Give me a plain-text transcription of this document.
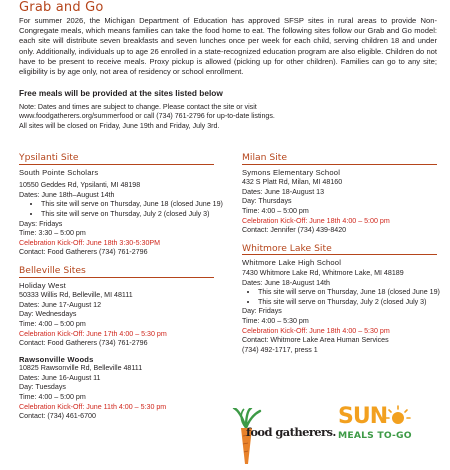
Grab and Go
For summer 2026, the Michigan Department of Education has approved SFSP sites in rural areas to provide Non-Congregate meals, which means families can take the food home to eat. The following sites follow our Grab and Go model: each site will distribute seven breakfasts and seven lunches once per week for each child, serving children 18 and under only. Additionally, individuals up to age 26 enrolled in a state-recognized education program are also eligible. Children do not have to be present to receive meals. Proxy pickup is allowed (picking up for other children). Families can go to any site; eligibility is by age only, not area of residency or school enrollment.
Free meals will be provided at the sites listed below
Note: Dates and times are subject to change. Please contact the site or visit
www.foodgatherers.org/summerfood or call (734) 761-2796 for up-to-date listings.
All sites will be closed on Friday, June 19th and Friday, July 3rd.
Ypsilanti Site
South Pointe Scholars
10550 Geddes Rd, Ypsilanti, MI 48198
Dates: June 18th–August 14th
• This site will serve on Thursday, June 18 (closed June 19)
• This site will serve on Thursday, July 2 (closed July 3)
Days: Fridays
Time: 3:30 – 5:00 pm
Celebration Kick-Off: June 18th 3:30-5:30PM
Contact: Food Gatherers (734) 761-2796
Belleville Sites
Holiday West
50333 Willis Rd, Belleville, MI 48111
Dates: June 17-August 12
Day: Wednesdays
Time: 4:00 – 5:00 pm
Celebration Kick-Off: June 17th 4:00 – 5:30 pm
Contact: Food Gatherers (734) 761-2796
Rawsonville Woods
10825 Rawsonville Rd, Belleville 48111
Dates: June 16-August 11
Day: Tuesdays
Time: 4:00 – 5:00 pm
Celebration Kick-Off: June 11th 4:00 – 5:30 pm
Contact: (734) 461-6700
Milan Site
Symons Elementary School
432 S Platt Rd, Milan, MI 48160
Dates: June 18-August 13
Day: Thursdays
Time: 4:00 – 5:00 pm
Celebration Kick-Off: June 18th 4:00 – 5:00 pm
Contact: Jennifer (734) 439-8420
Whitmore Lake Site
Whitmore Lake High School
7430 Whitmore Lake Rd, Whitmore Lake, MI 48189
Dates: June 18-August 14th
• This site will serve on Thursday, June 18 (closed June 19)
• This site will serve on Thursday, July 2 (closed July 3)
Day: Fridays
Time: 4:00 – 5:30 pm
Celebration Kick-Off: June 18th 4:00 – 5:30 pm
Contact: Whitmore Lake Area Human Services
(734) 492-1717, press 1
food gatherers.
SUN
MEALS TO-GO
